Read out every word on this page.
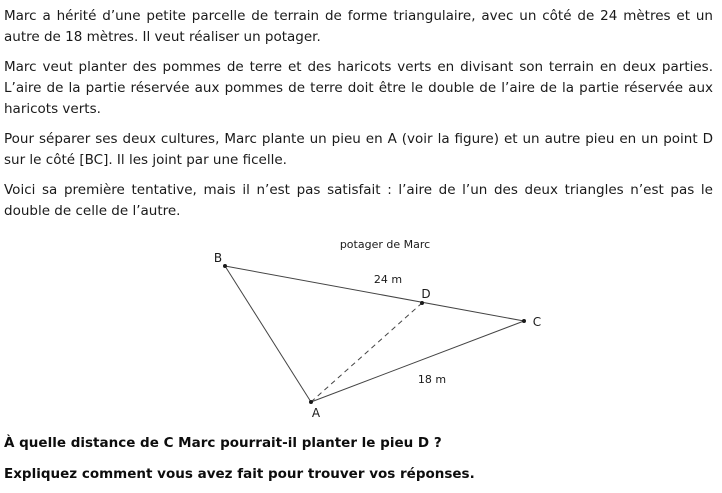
Marc a hérité d’une petite parcelle de terrain de forme triangulaire, avec un côté de 24 mètres et un autre de 18 mètres. Il veut réaliser un potager.

Marc veut planter des pommes de terre et des haricots verts en divisant son terrain en deux parties. L’aire de la partie réservée aux pommes de terre doit être le double de l’aire de la partie réservée aux haricots verts.

Pour séparer ses deux cultures, Marc plante un pieu en A (voir la figure) et un autre pieu en un point D sur le côté [BC]. Il les joint par une ficelle.

Voici sa première tentative, mais il n’est pas satisfait : l’aire de l’un des deux triangles n’est pas le double de celle de l’autre.

potager de Marc
A
B
C
D
24 m
18 m

À quelle distance de C Marc pourrait-il planter le pieu D ?

Expliquez comment vous avez fait pour trouver vos réponses.
